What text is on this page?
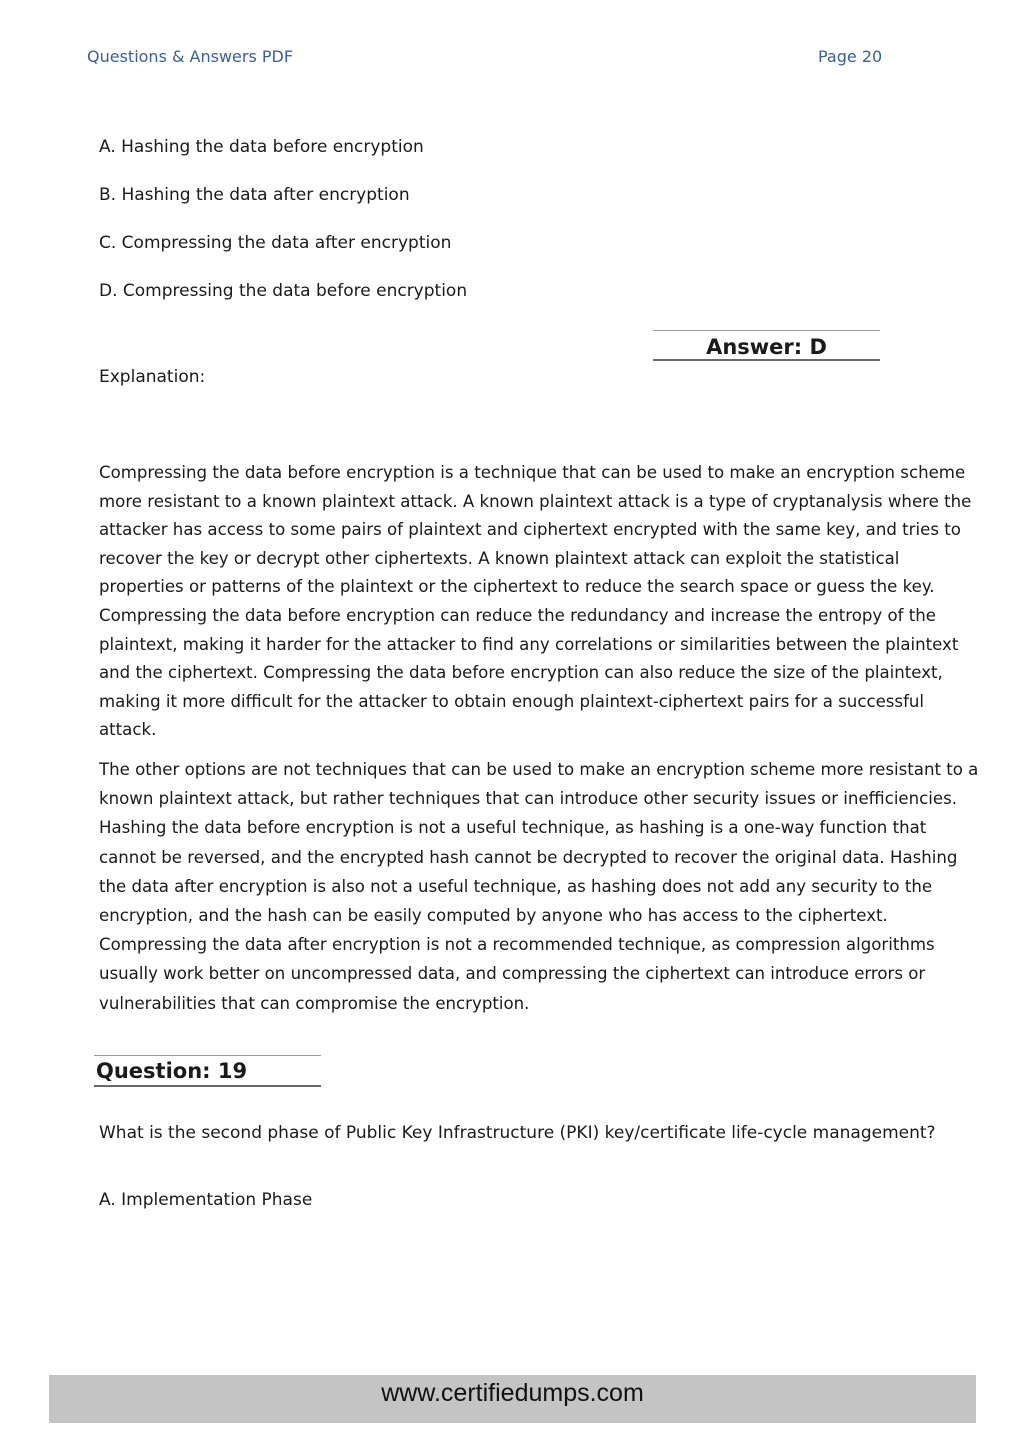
Questions & Answers PDF	Page 20
A. Hashing the data before encryption
B. Hashing the data after encryption
C. Compressing the data after encryption
D. Compressing the data before encryption
Answer: D
Explanation:

Compressing the data before encryption is a technique that can be used to make an encryption scheme more resistant to a known plaintext attack. A known plaintext attack is a type of cryptanalysis where the attacker has access to some pairs of plaintext and ciphertext encrypted with the same key, and tries to recover the key or decrypt other ciphertexts. A known plaintext attack can exploit the statistical properties or patterns of the plaintext or the ciphertext to reduce the search space or guess the key. Compressing the data before encryption can reduce the redundancy and increase the entropy of the plaintext, making it harder for the attacker to find any correlations or similarities between the plaintext and the ciphertext. Compressing the data before encryption can also reduce the size of the plaintext, making it more difficult for the attacker to obtain enough plaintext-ciphertext pairs for a successful attack.

The other options are not techniques that can be used to make an encryption scheme more resistant to a known plaintext attack, but rather techniques that can introduce other security issues or inefficiencies. Hashing the data before encryption is not a useful technique, as hashing is a one-way function that cannot be reversed, and the encrypted hash cannot be decrypted to recover the original data. Hashing the data after encryption is also not a useful technique, as hashing does not add any security to the encryption, and the hash can be easily computed by anyone who has access to the ciphertext. Compressing the data after encryption is not a recommended technique, as compression algorithms usually work better on uncompressed data, and compressing the ciphertext can introduce errors or vulnerabilities that can compromise the encryption.

Question: 19
What is the second phase of Public Key Infrastructure (PKI) key/certificate life-cycle management?
A. Implementation Phase
www.certifiedumps.com
